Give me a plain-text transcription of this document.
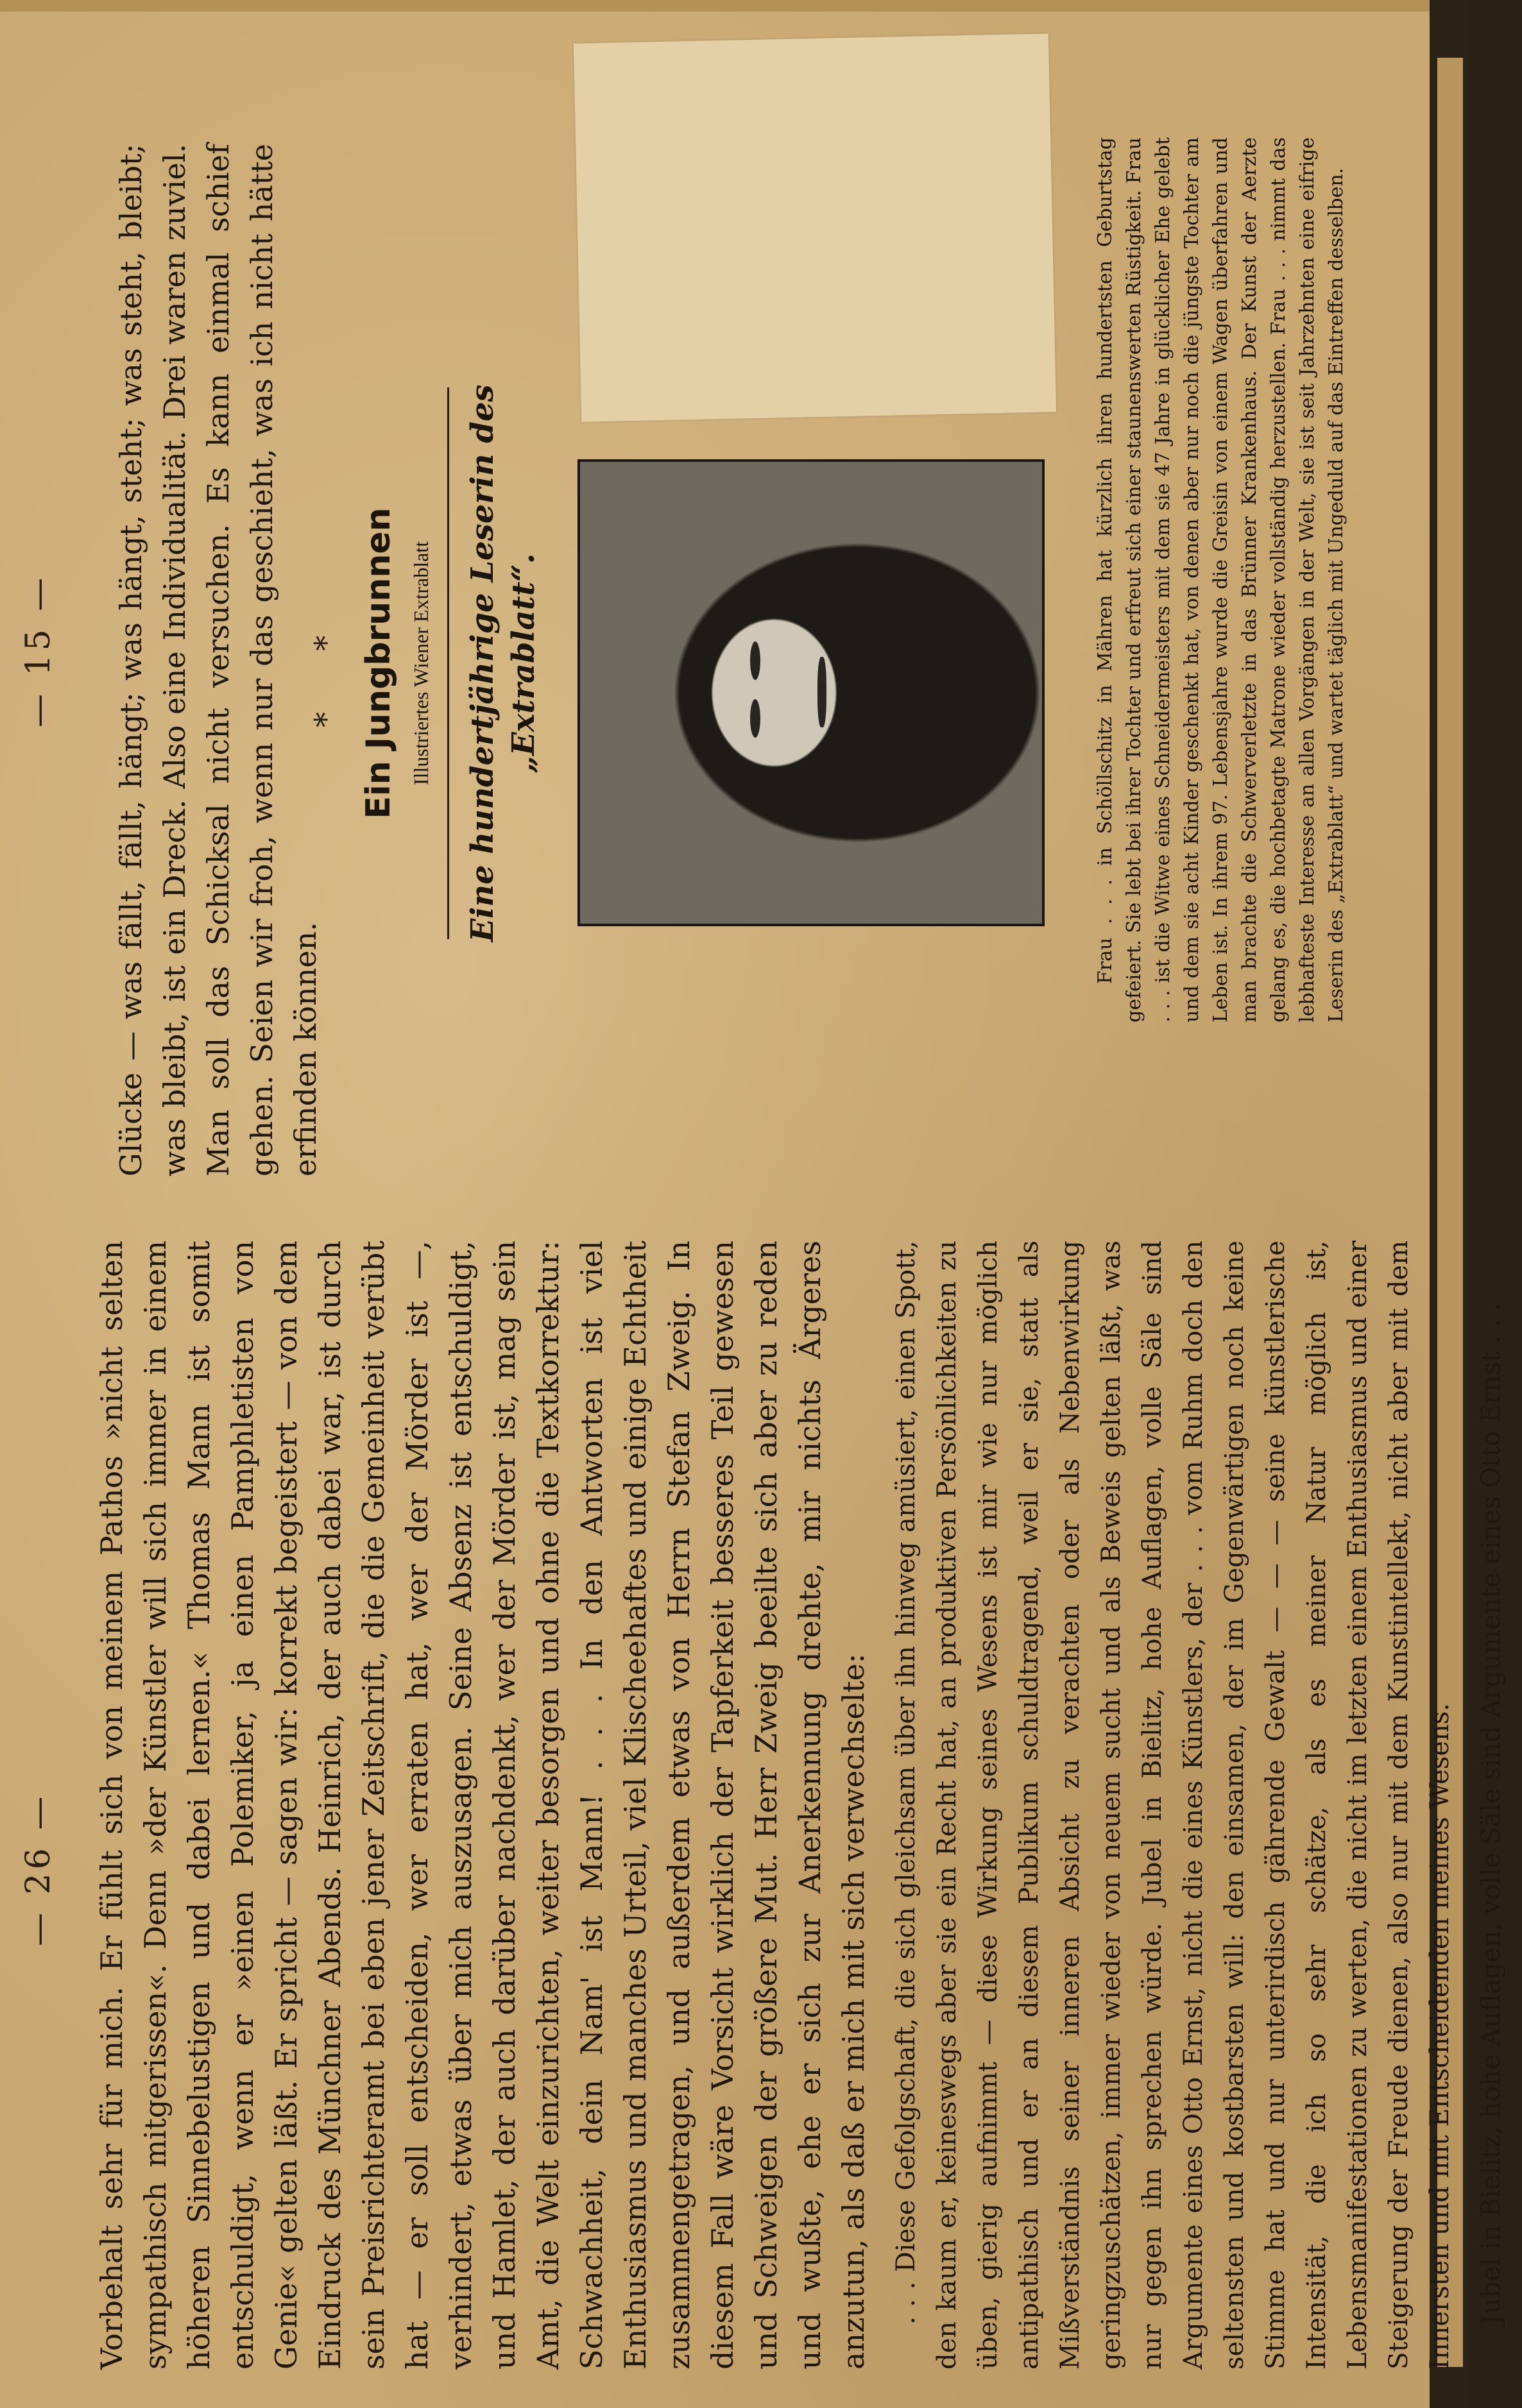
— 26 — Vorbehalt sehr für mich. Er fühlt sich von meinem Pathos »nicht selten sympathisch mitgerissen«. Denn »der Künstler will sich immer in einem höheren Sinnebelustigen und dabei lernen.« Thomas Mann ist somit entschuldigt, wenn er »einen Polemiker, ja einen Pamphletisten von Genie« gelten läßt. Er spricht — sagen wir: korrekt begeistert — von dem Eindruck des Münchner Abends. Heinrich, der auch dabei war, ist durch sein Preisrichteramt bei eben jener Zeitschrift, die die Gemeinheit verübt hat — er soll entscheiden, wer erraten hat, wer der Mörder ist —, verhindert, etwas über mich auszusagen. Seine Absenz ist entschuldigt, und Hamlet, der auch darüber nachdenkt, wer der Mörder ist, mag sein Amt, die Welt einzurichten, weiter besorgen und ohne die Textkorrektur: Schwachheit, dein Nam' ist Mann! . . . In den Antworten ist viel Enthusiasmus und manches Urteil, viel Klischeehaftes und einige Echtheit zusammengetragen, und außerdem etwas von Herrn Stefan Zweig. In diesem Fall wäre Vorsicht wirklich der Tapferkeit besseres Teil gewesen und Schweigen der größere Mut. Herr Zweig beeilte sich aber zu reden und wußte, ehe er sich zur Anerkennung drehte, mir nichts Ärgeres anzutun, als daß er mich mit sich verwechselte: . . . Diese Gefolgschaft, die sich gleichsam über ihn hinweg amüsiert, einen Spott, den kaum er, keineswegs aber sie ein Recht hat, an produktiven Persönlichkeiten zu üben, gierig aufnimmt — diese Wirkung seines Wesens ist mir wie nur möglich antipathisch und er an diesem Publikum schuldtragend, weil er sie, statt als Mißverständnis seiner inneren Absicht zu verachten oder als Nebenwirkung geringzuschätzen, immer wieder von neuem sucht und als Beweis gelten läßt, was nur gegen ihn sprechen würde. Jubel in Bielitz, hohe Auflagen, volle Säle sind Argumente eines Otto Ernst, nicht die eines Künstlers, der . . . vom Ruhm doch den seltensten und kostbarsten will: den einsamen, der im Gegenwärtigen noch keine Stimme hat und nur unterirdisch gährende Gewalt — — — seine künstlerische Intensität, die ich so sehr schätze, als es meiner Natur möglich ist, Lebensmanifestationen zu werten, die nicht im letzten einem Enthusiasmus und einer Steigerung der Freude dienen, also nur mit dem Kunstintellekt, nicht aber mit dem Innersten und mit Entscheidenden meines Wesens. Jubel in Bielitz, hohe Auflagen, volle Säle sind Argumente eines Otto Ernst . . .

— 15 — Glücke — was fällt, fällt, hängt; was hängt, steht; was steht, bleibt; was bleibt, ist ein Dreck. Also eine Individualität. Drei waren zuviel. Man soll das Schicksal nicht versuchen. Es kann einmal schief gehen. Seien wir froh, wenn nur das geschieht, was ich nicht hätte erfinden können.

* * Ein Jungbrunnen Illustriertes Wiener Extrablatt Eine hundertjährige Leserin des „Extrablatt“.	Frau . . . in Schöllschitz in Mähren hat kürzlich ihren hundertsten Geburtstag gefeiert. Sie lebt bei ihrer Tochter und erfreut sich einer staunenswerten Rüstigkeit. Frau . . . ist die Witwe eines Schneidermeisters mit dem sie 47 Jahre in glücklicher Ehe gelebt und dem sie acht Kinder geschenkt hat, von denen aber nur noch die jüngste Tochter am Leben ist. In ihrem 97. Lebensjahre wurde die Greisin von einem Wagen überfahren und man brachte die Schwerverletzte in das Brünner Krankenhaus. Der Kunst der Aerzte gelang es, die hochbetagte Matrone wieder vollständig herzustellen. Frau . . . nimmt das lebhafteste Interesse an allen Vorgängen in der Welt, sie ist seit Jahrzehnten eine eifrige Leserin des „Extrablatt“ und wartet täglich mit Ungeduld auf das Eintreffen desselben.
